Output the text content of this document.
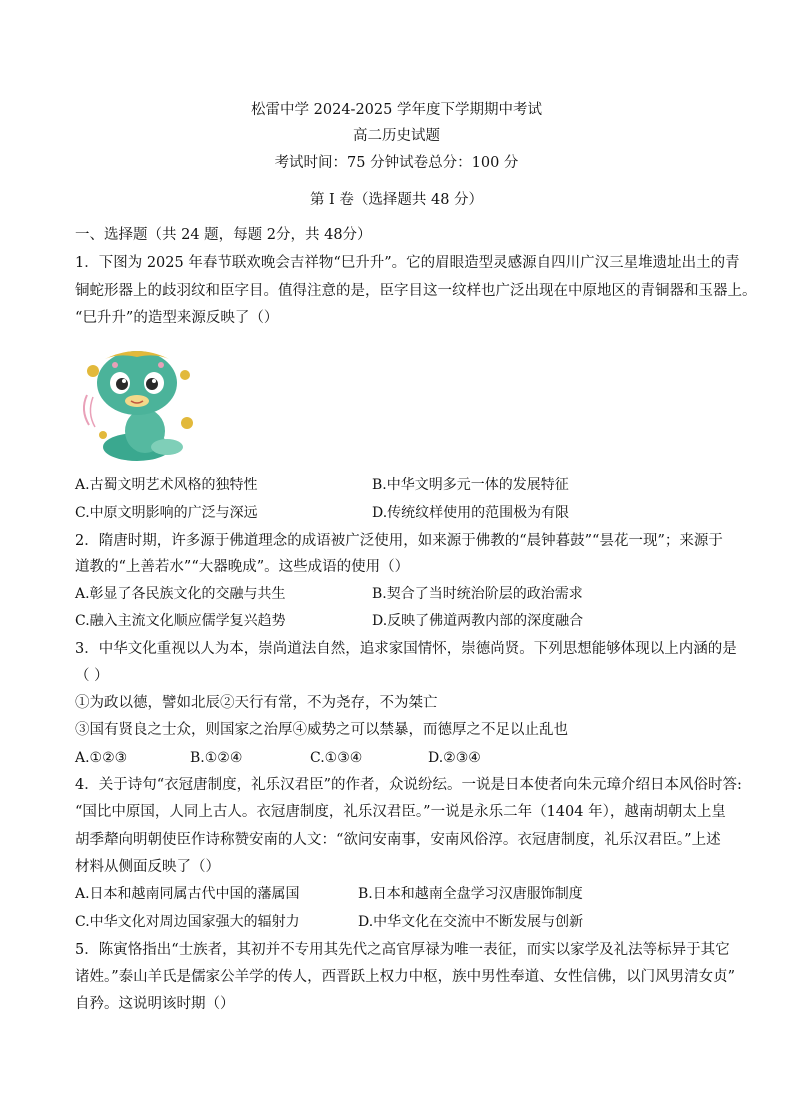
松雷中学 2024-2025 学年度下学期期中考试
高二历史试题
考试时间：75 分钟试卷总分：100 分
第 I 卷（选择题共 48 分）
一、选择题（共 24 题，每题 2分，共 48分）
1．下图为 2025 年春节联欢晚会吉祥物“巳升升”。它的眉眼造型灵感源自四川广汉三星堆遗址出土的青
铜蛇形器上的歧羽纹和臣字目。值得注意的是，臣字目这一纹样也广泛出现在中原地区的青铜器和玉器上。
“巳升升”的造型来源反映了（）
A.古蜀文明艺术风格的独特性	B.中华文明多元一体的发展特征
C.中原文明影响的广泛与深远	D.传统纹样使用的范围极为有限
2．隋唐时期，许多源于佛道理念的成语被广泛使用，如来源于佛教的“晨钟暮鼓”“昙花一现”；来源于
道教的“上善若水”“大器晚成”。这些成语的使用（）
A.彰显了各民族文化的交融与共生	B.契合了当时统治阶层的政治需求
C.融入主流文化顺应儒学复兴趋势	D.反映了佛道两教内部的深度融合
3．中华文化重视以人为本，崇尚道法自然，追求家国情怀，崇德尚贤。下列思想能够体现以上内涵的是
（ ）
①为政以德，譬如北辰②天行有常，不为尧存，不为桀亡
③国有贤良之士众，则国家之治厚④威势之可以禁暴，而德厚之不足以止乱也
A.①②③	B.①②④	C.①③④	D.②③④
4．关于诗句“衣冠唐制度，礼乐汉君臣”的作者，众说纷纭。一说是日本使者向朱元璋介绍日本风俗时答:
“国比中原国，人同上古人。衣冠唐制度，礼乐汉君臣。”一说是永乐二年（1404 年），越南胡朝太上皇
胡季犛向明朝使臣作诗称赞安南的人文：“欲问安南事，安南风俗淳。衣冠唐制度，礼乐汉君臣。”上述
材料从侧面反映了（）
A.日本和越南同属古代中国的藩属国	B.日本和越南全盘学习汉唐服饰制度
C.中华文化对周边国家强大的辐射力	D.中华文化在交流中不断发展与创新
5．陈寅恪指出“士族者，其初并不专用其先代之高官厚禄为唯一表征，而实以家学及礼法等标异于其它
诸姓。”泰山羊氏是儒家公羊学的传人，西晋跃上权力中枢，族中男性奉道、女性信佛，以门风男清女贞”
自矜。这说明该时期（）
